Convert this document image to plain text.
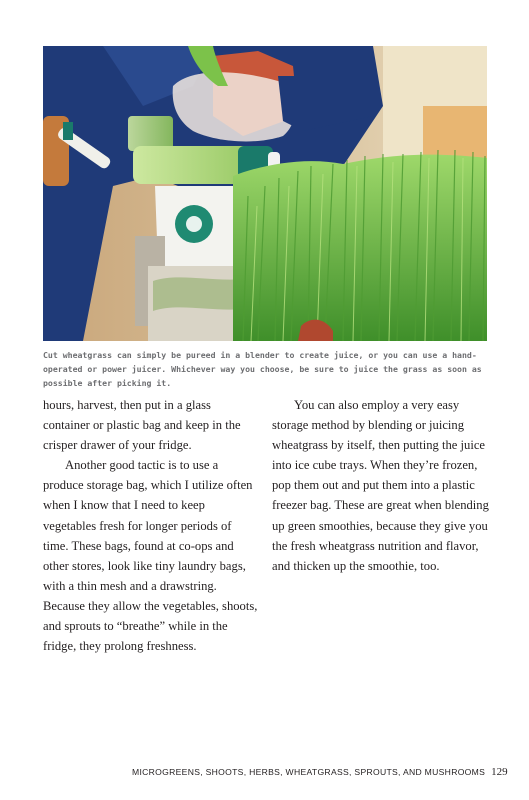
Cut wheatgrass can simply be pureed in a blender to create juice, or you can use a hand-operated or power juicer. Whichever way you choose, be sure to juice the grass as soon as possible after picking it.

hours, harvest, then put in a glass container or plastic bag and keep in the crisper drawer of your fridge.

Another good tactic is to use a produce storage bag, which I utilize often when I know that I need to keep vegetables fresh for longer periods of time. These bags, found at co-ops and other stores, look like tiny laundry bags, with a thin mesh and a drawstring. Because they allow the vegetables, shoots, and sprouts to “breathe” while in the fridge, they prolong freshness.

You can also employ a very easy storage method by blending or juicing wheatgrass by itself, then putting the juice into ice cube trays. When they’re frozen, pop them out and put them into a plastic freezer bag. These are great when blending up green smoothies, because they give you the fresh wheatgrass nutrition and flavor, and thicken up the smoothie, too.

MICROGREENS, SHOOTS, HERBS, WHEATGRASS, SPROUTS, AND MUSHROOMS 129
